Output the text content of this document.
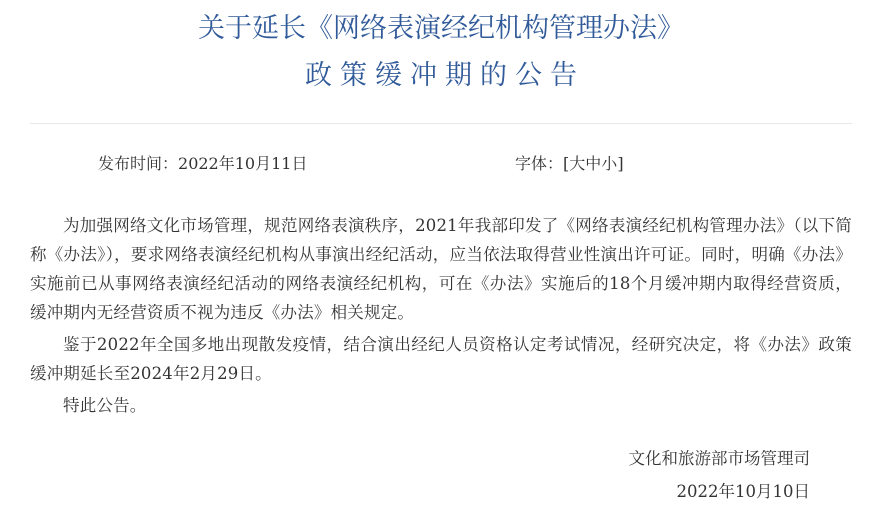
关于延长《网络表演经纪机构管理办法》
政策缓冲期的公告
发布时间：2022年10月11日	字体：[大中小]

为加强网络文化市场管理，规范网络表演秩序，2021年我部印发了《网络表演经纪机构管理办法》（以下简称《办法》），要求网络表演经纪机构从事演出经纪活动，应当依法取得营业性演出许可证。同时，明确《办法》实施前已从事网络表演经纪活动的网络表演经纪机构，可在《办法》实施后的18个月缓冲期内取得经营资质，缓冲期内无经营资质不视为违反《办法》相关规定。

鉴于2022年全国多地出现散发疫情，结合演出经纪人员资格认定考试情况，经研究决定，将《办法》政策缓冲期延长至2024年2月29日。

特此公告。

文化和旅游部市场管理司
2022年10月10日
